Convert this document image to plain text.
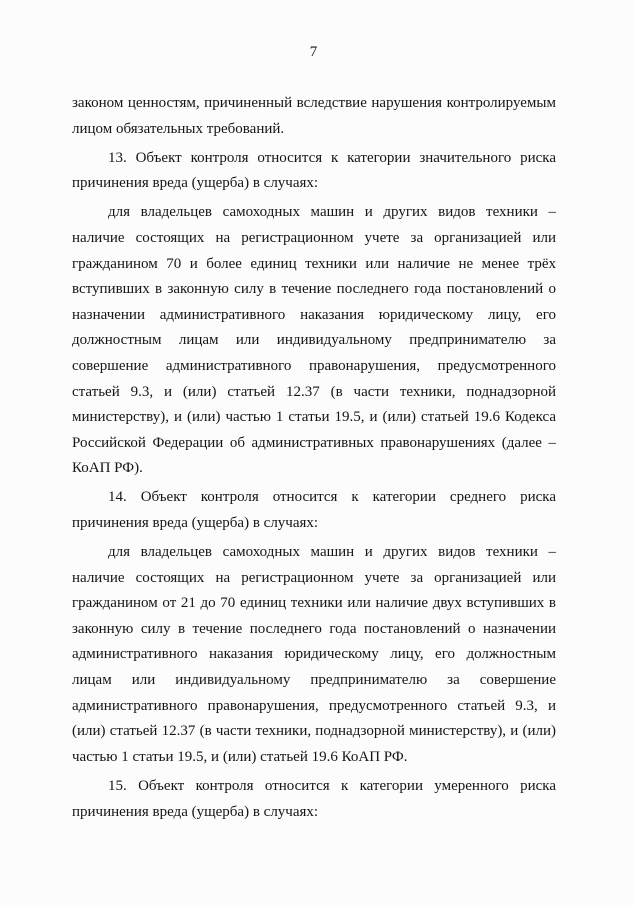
7
законом ценностям, причиненный вследствие нарушения контролируемым
лицом обязательных требований.
13. Объект контроля относится к категории значительного риска
причинения вреда (ущерба) в случаях:
для владельцев самоходных машин и других видов техники –
наличие состоящих на регистрационном учете за организацией или
гражданином 70 и более единиц техники или наличие не менее трёх
вступивших в законную силу в течение последнего года постановлений о
назначении административного наказания юридическому лицу, его
должностным лицам или индивидуальному предпринимателю за
совершение административного правонарушения, предусмотренного
статьей 9.3, и (или) статьей 12.37 (в части техники, поднадзорной
министерству), и (или) частью 1 статьи 19.5, и (или) статьей 19.6 Кодекса
Российской Федерации об административных правонарушениях (далее –
КоАП РФ).
14. Объект контроля относится к категории среднего риска
причинения вреда (ущерба) в случаях:
для владельцев самоходных машин и других видов техники –
наличие состоящих на регистрационном учете за организацией или
гражданином от 21 до 70 единиц техники или наличие двух вступивших в
законную силу в течение последнего года постановлений о назначении
административного наказания юридическому лицу, его должностным
лицам или индивидуальному предпринимателю за совершение
административного правонарушения, предусмотренного статьей 9.3, и
(или) статьей 12.37 (в части техники, поднадзорной министерству), и (или)
частью 1 статьи 19.5, и (или) статьей 19.6 КоАП РФ.
15. Объект контроля относится к категории умеренного риска
причинения вреда (ущерба) в случаях:
